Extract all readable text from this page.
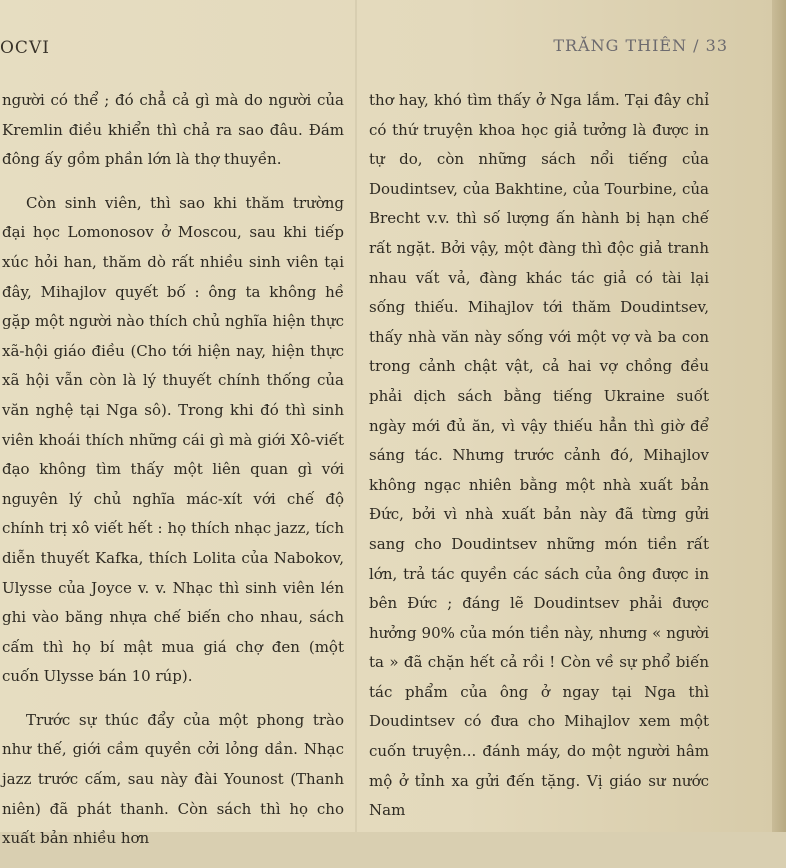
OCVI	TRĂNG THIÊN / 33

người có thể ; đó chẳ cả gì mà do người của Kremlin điều khiển thì chả ra sao đâu. Đám đông ấy gồm phần lớn là thợ thuyền.

Còn sinh viên, thì sao khi thăm trường đại học Lomonosov ở Moscou, sau khi tiếp xúc hỏi han, thăm dò rất nhiều sinh viên tại đây, Mihajlov quyết bố : ông ta không hề gặp một người nào thích chủ nghĩa hiện thực xã-hội giáo điều (Cho tới hiện nay, hiện thực xã hội vẫn còn là lý thuyết chính thống của văn nghệ tại Nga sô). Trong khi đó thì sinh viên khoái thích những cái gì mà giới Xô-viết đạo không tìm thấy một liên quan gì với nguyên lý chủ nghĩa mác-xít với chế độ chính trị xô viết hết : họ thích nhạc jazz, tích diễn thuyết Kafka, thích Lolita của Nabokov, Ulysse của Joyce v. v. Nhạc thì sinh viên lén ghi vào băng nhựa chế biến cho nhau, sách cấm thì họ bí mật mua giá chợ đen (một cuốn Ulysse bán 10 rúp).

Trước sự thúc đẩy của một phong trào như thế, giới cầm quyền cởi lỏng dần. Nhạc jazz trước cấm, sau này đài Younost (Thanh niên) đã phát thanh. Còn sách thì họ cho xuất bản nhiều hơn

thơ hay, khó tìm thấy ở Nga lắm. Tại đây chỉ có thứ truyện khoa học giả tưởng là được in tự do, còn những sách nổi tiếng của Doudintsev, của Bakhtine, của Tourbine, của Brecht v.v. thì số lượng ấn hành bị hạn chế rất ngặt. Bởi vậy, một đàng thì độc giả tranh nhau vất vả, đàng khác tác giả có tài lại sống thiếu. Mihajlov tới thăm Doudintsev, thấy nhà văn này sống với một vợ và ba con trong cảnh chật vật, cả hai vợ chồng đều phải dịch sách bằng tiếng Ukraine suốt ngày mới đủ ăn, vì vậy thiếu hẳn thì giờ để sáng tác. Nhưng trước cảnh đó, Mihajlov không ngạc nhiên bằng một nhà xuất bản Đức, bởi vì nhà xuất bản này đã từng gửi sang cho Doudintsev những món tiền rất lớn, trả tác quyền các sách của ông được in bên Đức ; đáng lẽ Doudintsev phải được hưởng 90% của món tiền này, nhưng « người ta » đã chặn hết cả rồi ! Còn về sự phổ biến tác phẩm của ông ở ngay tại Nga thì Doudintsev có đưa cho Mihajlov xem một cuốn truyện... đánh máy, do một người hâm mộ ở tỉnh xa gửi đến tặng. Vị giáo sư nước Nam
